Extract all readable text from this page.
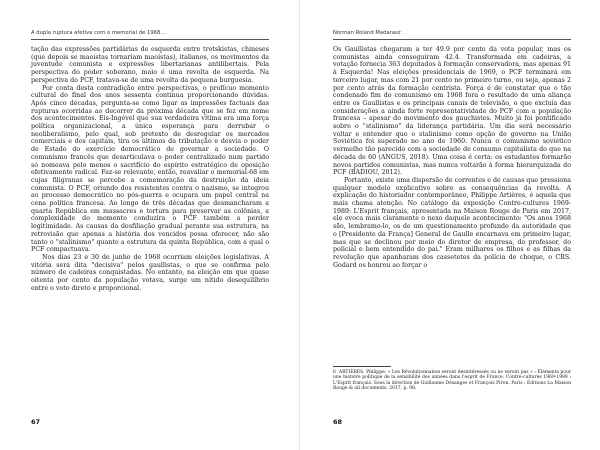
A dupla ruptura afetiva com o memorial de 1968...

tação das expressões partidárias de esquerda entre trotskistas, chineses (que depois se maoistas tornariam maoístas), italianos, os movimentos da juventude comunista e expressões libertarianas antilibertais. Pela perspectiva do poder soberano, maio é uma revolta de esquerda. Na perspectiva do PCF, tratava-se de uma revolta da pequena burguesia.

Por conta desta contradição entre perspectivas, o profícuo momento cultural do final dos anos sessenta continua proporcionando dúvidas. Após cinco décadas, pergunta-se como ligar as impressões factuais das rupturas ocorridas ao decorrer da próxima década que se fez em nome dos acontecimentos. Eis-Ingével que sua verdadeira vítima era uma força política organizacional, a única esperança para derrubar o neoliberalismo, pelo qual, sob pretexto de desregular os mercados comerciais e dos capitais, tira os últimos da tributação e desvia o poder de Estado do exercício democrático de governar a sociedade. O comunismo francês que desarticulava o poder centralizado num partido só nomeava pelo menos o sacrifício do espírito estratégico de oposição efetivamente radical. Faz-se relevante, então, reavaliar o memorial-68 em cujas filigranas se percebe a comemoração da destruição da ideia comunista. O PCF, oriundo dos resistentes contra o nazismo, se integrou ao processo democrático no pós-guerra e ocupara um papel central na cena política francesa. Ao longo de três décadas que desmancharam a quarta República em massacres e tortura para preservar as colônias, a complexidade do momento conduzira o PCF também a perder legitimidade. As causas da desfiliação gradual perante sua estrutura, na retrovisão que apenas a história dos vencidos possa oferecer, não são tanto o "stalinismo" quanto a estrutura da quinta República, com a qual o PCF compactuava.

Nos dias 23 e 30 de junho de 1968 ocorriam eleições legislativas. A vitória será dita "decisiva" pelos gaullistas, o que se confirma pelo número de cadeiras conquistadas. No entanto, na eleição em que quase oitenta por cento da população votava, surge um nítido desequilíbrio entre o voto direto e proporcional.

67
Norman Roland Madarasz

Os Gaullistas chegaram a ter 49.9 por cento da vota popular, mas os comunistas ainda conseguiram 42.4. Transformada em cadeiras, a votação fornecia 363 deputados à formação conservadora, mas apenas 91 à Esquerda! Nas eleições presidenciais de 1969, o PCF terminará em terceiro lugar, mas com 21 por cento no primeiro turno, ou seja, apenas 2 por cento atrás da formação centrista. Força é de constatar que o tão condenado fim do comunismo em 1968 fora o resultado de uma aliança entre os Gaullistas e os principais canais de televisão, o que excluía das considerações a ainda forte representatividade do PCF com a população francesa – apesar do movimento dos gauchistes. Muito já foi pontificado sobre o "stalinismo" da liderança partidária. Um dia será necessário voltar e entender que o stalinismo como opção de governo na União Soviética foi superado no ano de 1960. Nunca o comunismo soviético vermelho tão parecido com a sociedade de consumo capitalista do que na década de 60 (ANGUS, 2018). Uma coisa é certa: os estudantes formarão novos partidos comunistas, mas nunca voltarão à forma hierarquizada do PCF (BADIOU, 2012).

Portanto, existe uma dispersão de correntes e de causas que pressiona qualquer modelo explicativo sobre as consequências da revolta. A explicação do historiador contemporâneo, Philippe Artières, é aquela que mais chama atenção. No catálogo da exposição Contre-cultures 1969-1989: L'Esprit français, apresentada na Maison Rouge de Paris em 2017, ele evoca mais claramente o nexo daquele acontecimento: "Os anos 1968 são, lembramo-lo, os de um questionamento profundo da autoridade que o [Presidente da França] General de Gaulle encarnava em primeiro lugar, mas que se declinou por meio do diretor de empresa, do professor, do policial e bem entendido do pai." Eram milhares os filhos e as filhas da revolução que apanharam dos cassetetes da polícia de choque, o CRS. Godard os honrou ao forçar o

6 ARTIÈRES, Philippe. « Les Révolutionnaires seront desintéressés ou ne seront pas » : Éléments pour une histoire politique de la sensibilité des années dans l'esprit de France. Contre-cultures 1969-1989 : L'Esprit français. Sous la direction de Guillaume Désanges et François Piron. Paris : Éditions La Maison Rouge & all documents, 2017, p. 98.
68
